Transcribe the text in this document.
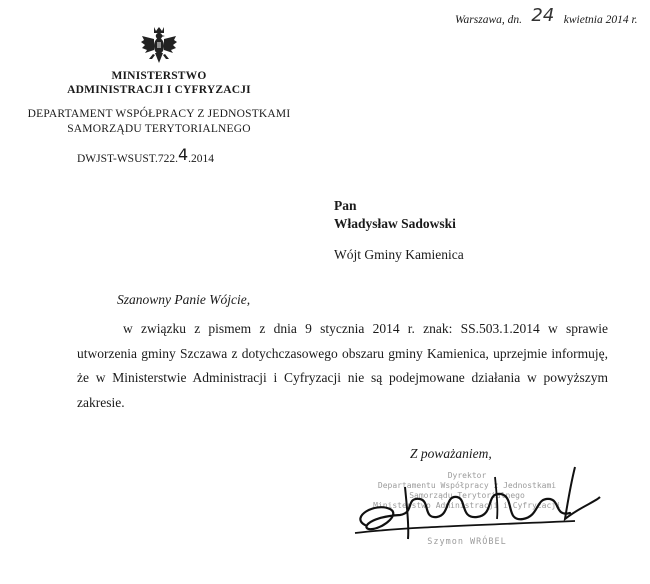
Warszawa, dn. 24 kwietnia 2014 r.
MINISTERSTWO
ADMINISTRACJI I CYFRYZACJI
DEPARTAMENT WSPÓŁPRACY Z JEDNOSTKAMI
SAMORZĄDU TERYTORIALNEGO
DWJST-WSUST.722.4.2014
Pan
Władysław Sadowski
Wójt Gminy Kamienica
Szanowny Panie Wójcie,
w związku z pismem z dnia 9 stycznia 2014 r. znak: SS.503.1.2014 w sprawie utworzenia gminy Szczawa z dotychczasowego obszaru gminy Kamienica, uprzejmie informuję, że w Ministerstwie Administracji i Cyfryzacji nie są podejmowane działania w powyższym zakresie.
Z poważaniem,
Dyrektor
Departamentu Współpracy z Jednostkami
Samorządu Terytorialnego
Ministerstwo Administracji i Cyfryzacji
Szymon WRÓBEL
